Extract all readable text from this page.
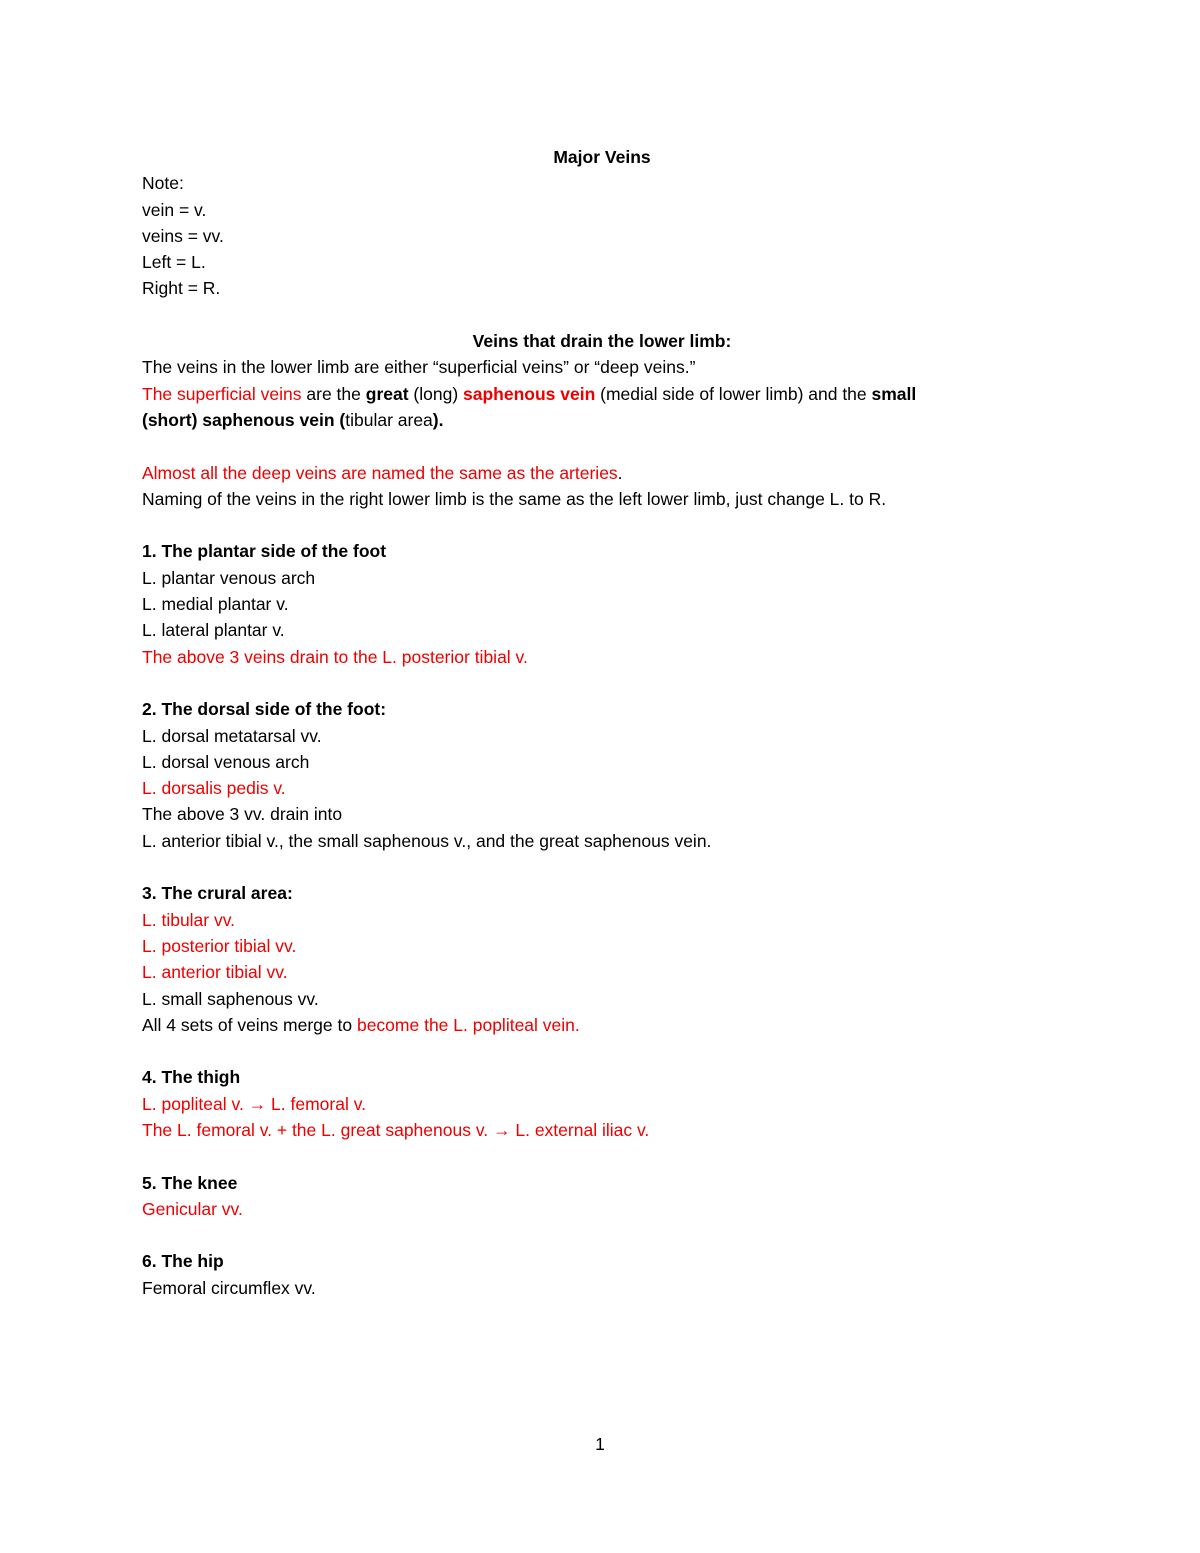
Major Veins
Note:
vein = v.
veins = vv.
Left = L.
Right = R.
Veins that drain the lower limb:
The veins in the lower limb are either “superficial veins” or “deep veins.”
The superficial veins are the great (long) saphenous vein (medial side of lower limb) and the small
(short) saphenous vein (tibular area).
Almost all the deep veins are named the same as the arteries.
Naming of the veins in the right lower limb is the same as the left lower limb, just change L. to R.
1. The plantar side of the foot
L. plantar venous arch
L. medial plantar v.
L. lateral plantar v.
The above 3 veins drain to the L. posterior tibial v.
2. The dorsal side of the foot:
L. dorsal metatarsal vv.
L. dorsal venous arch
L. dorsalis pedis v.
The above 3 vv. drain into
L. anterior tibial v., the small saphenous v., and the great saphenous vein.
3. The crural area:
L. tibular vv.
L. posterior tibial vv.
L. anterior tibial vv.
L. small saphenous vv.
All 4 sets of veins merge to become the L. popliteal vein.
4. The thigh
L. popliteal v. → L. femoral v.
The L. femoral v. + the L. great saphenous v. → L. external iliac v.
5. The knee
Genicular vv.
6. The hip
Femoral circumflex vv.
1
